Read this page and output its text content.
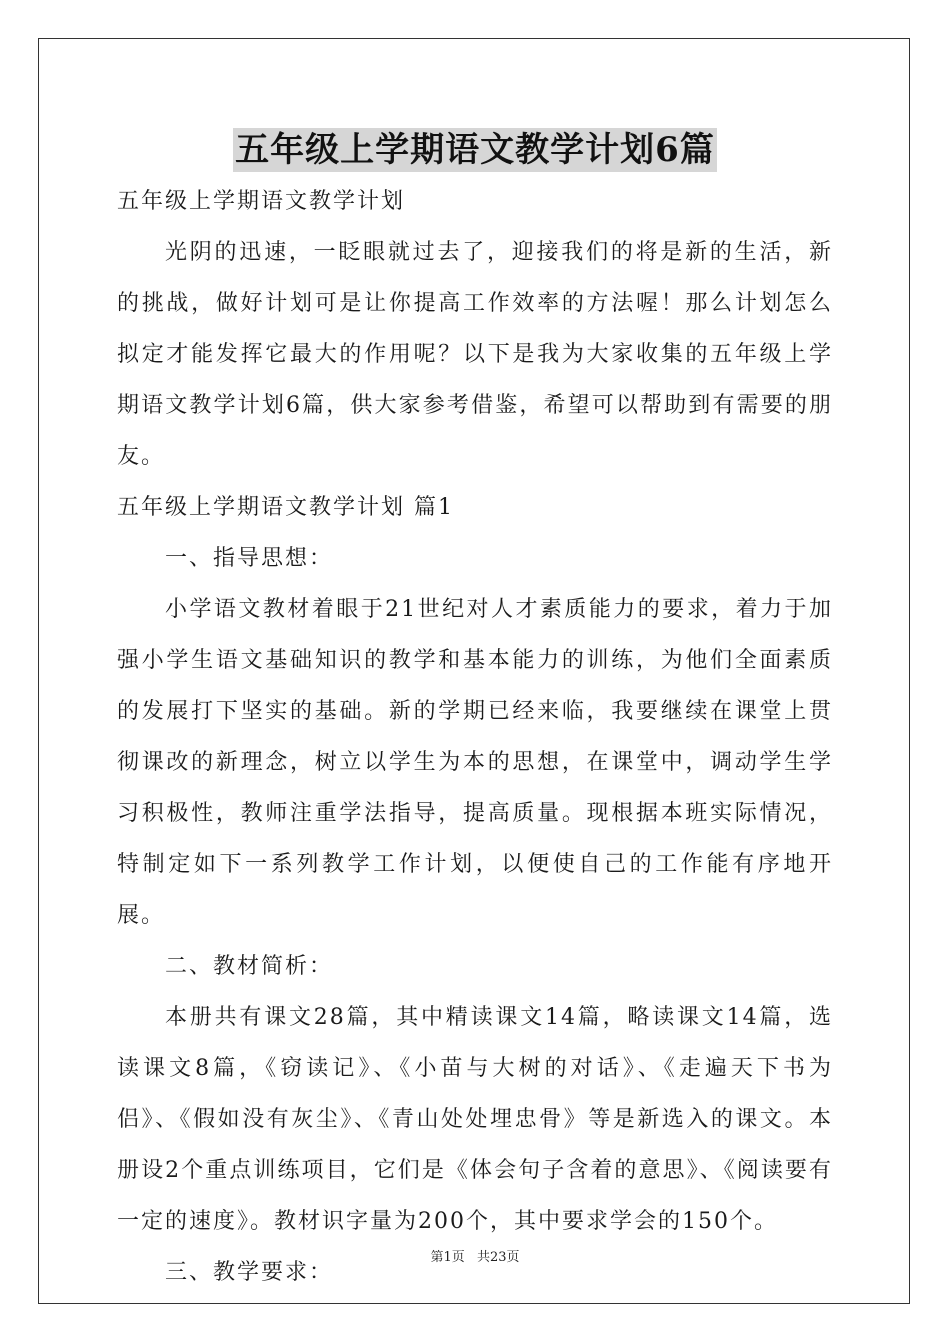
五年级上学期语文教学计划6篇

五年级上学期语文教学计划

光阴的迅速，一眨眼就过去了，迎接我们的将是新的生活，新的挑战，做好计划可是让你提高工作效率的方法喔！那么计划怎么拟定才能发挥它最大的作用呢？以下是我为大家收集的五年级上学期语文教学计划6篇，供大家参考借鉴，希望可以帮助到有需要的朋友。

五年级上学期语文教学计划 篇1

一、指导思想：

小学语文教材着眼于21世纪对人才素质能力的要求，着力于加强小学生语文基础知识的教学和基本能力的训练，为他们全面素质的发展打下坚实的基础。新的学期已经来临，我要继续在课堂上贯彻课改的新理念，树立以学生为本的思想，在课堂中，调动学生学习积极性，教师注重学法指导，提高质量。现根据本班实际情况，特制定如下一系列教学工作计划，以便使自己的工作能有序地开展。

二、教材简析：

本册共有课文28篇，其中精读课文14篇，略读课文14篇，选读课文8篇，《窃读记》、《小苗与大树的对话》、《走遍天下书为侣》、《假如没有灰尘》、《青山处处埋忠骨》等是新选入的课文。本册设2个重点训练项目，它们是《体会句子含着的意思》、《阅读要有一定的速度》。教材识字量为200个，其中要求学会的150个。

三、教学要求：

第1页 共23页
